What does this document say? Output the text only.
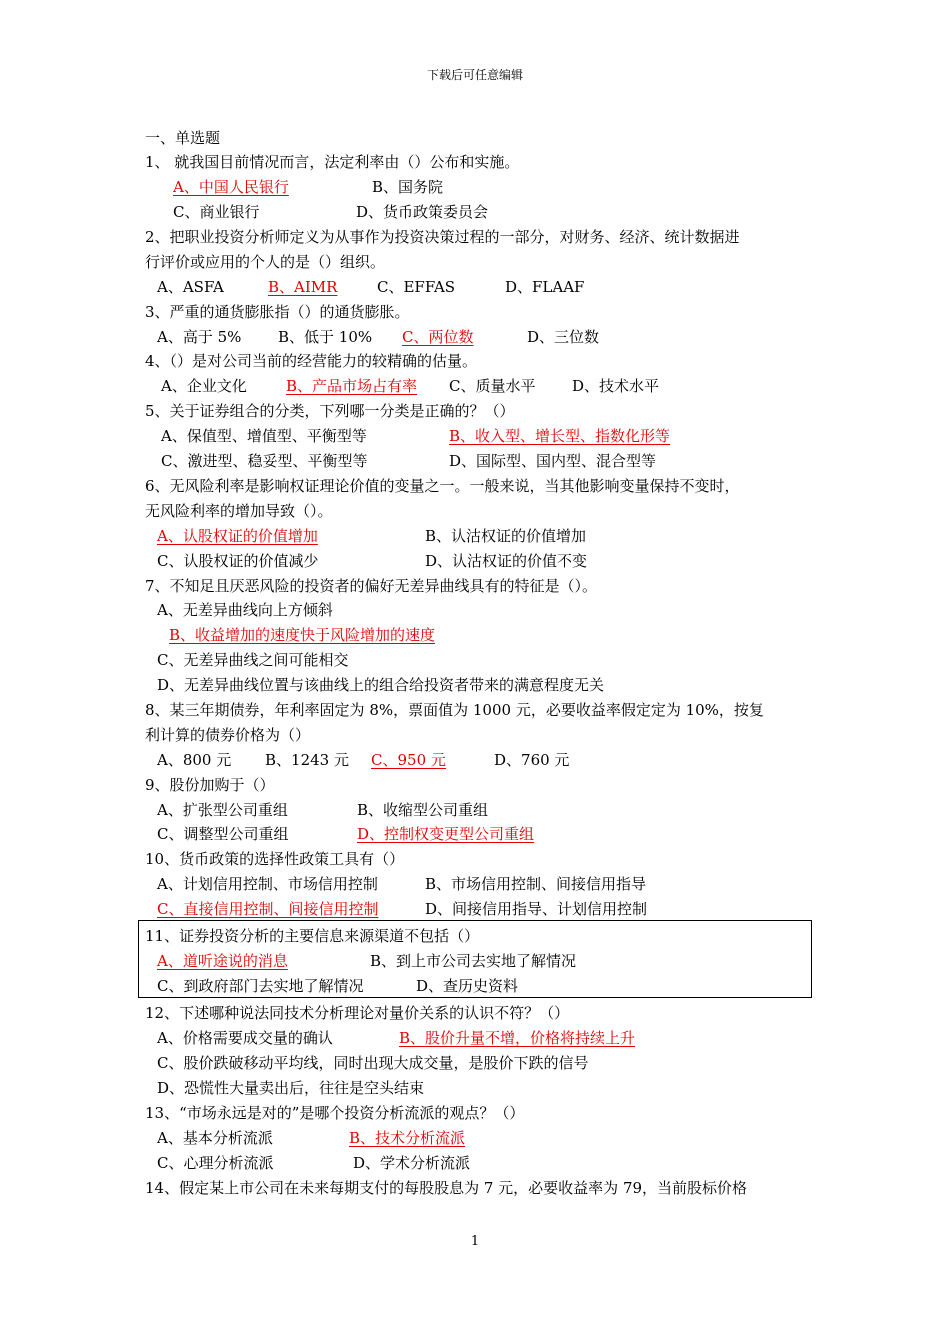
下载后可任意编辑
一、单选题
1、 就我国目前情况而言，法定利率由（）公布和实施。
A、中国人民银行	B、国务院
C、商业银行	D、货币政策委员会
2、把职业投资分析师定义为从事作为投资决策过程的一部分，对财务、经济、统计数据进
行评价或应用的个人的是（）组织。
A、ASFA	B、AIMR	C、EFFAS	D、FLAAF
3、严重的通货膨胀指（）的通货膨胀。
A、高于 5% B、低于 10% C、两位数	D、三位数
4、（）是对公司当前的经营能力的较精确的估量。
A、企业文化	B、产品市场占有率 C、质量水平 D、技术水平
5、关于证券组合的分类，下列哪一分类是正确的？（）
A、保值型、增值型、平衡型等	B、收入型、增长型、指数化形等
C、激进型、稳妥型、平衡型等	D、国际型、国内型、混合型等
6、无风险利率是影响权证理论价值的变量之一。一般来说，当其他影响变量保持不变时，
无风险利率的增加导致（）。
A、认股权证的价值增加	B、认沽权证的价值增加
C、认股权证的价值减少	D、认沽权证的价值不变
7、不知足且厌恶风险的投资者的偏好无差异曲线具有的特征是（）。
A、无差异曲线向上方倾斜
B、收益增加的速度快于风险增加的速度
C、无差异曲线之间可能相交
D、无差异曲线位置与该曲线上的组合给投资者带来的满意程度无关
8、某三年期债券，年利率固定为 8%，票面值为 1000 元，必要收益率假定定为 10%，按复
利计算的债券价格为（）
A、800 元 B、1243 元 C、950 元	D、760 元
9、股份加购于（）
A、扩张型公司重组	B、收缩型公司重组
C、调整型公司重组	D、控制权变更型公司重组
10、货币政策的选择性政策工具有（）
A、计划信用控制、市场信用控制	B、市场信用控制、间接信用指导
C、直接信用控制、间接信用控制	D、间接信用指导、计划信用控制
11、证券投资分析的主要信息来源渠道不包括（）
A、道听途说的消息	B、到上市公司去实地了解情况
C、到政府部门去实地了解情况	D、查历史资料
12、下述哪种说法同技术分析理论对量价关系的认识不符？（）
A、价格需要成交量的确认	B、股价升量不增，价格将持续上升
C、股价跌破移动平均线，同时出现大成交量，是股价下跌的信号
D、恐慌性大量卖出后，往往是空头结束
13、“市场永远是对的”是哪个投资分析流派的观点？（）
A、基本分析流派	B、技术分析流派
C、心理分析流派	D、学术分析流派
14、假定某上市公司在未来每期支付的每股股息为 7 元，必要收益率为 79，当前股标价格
1
